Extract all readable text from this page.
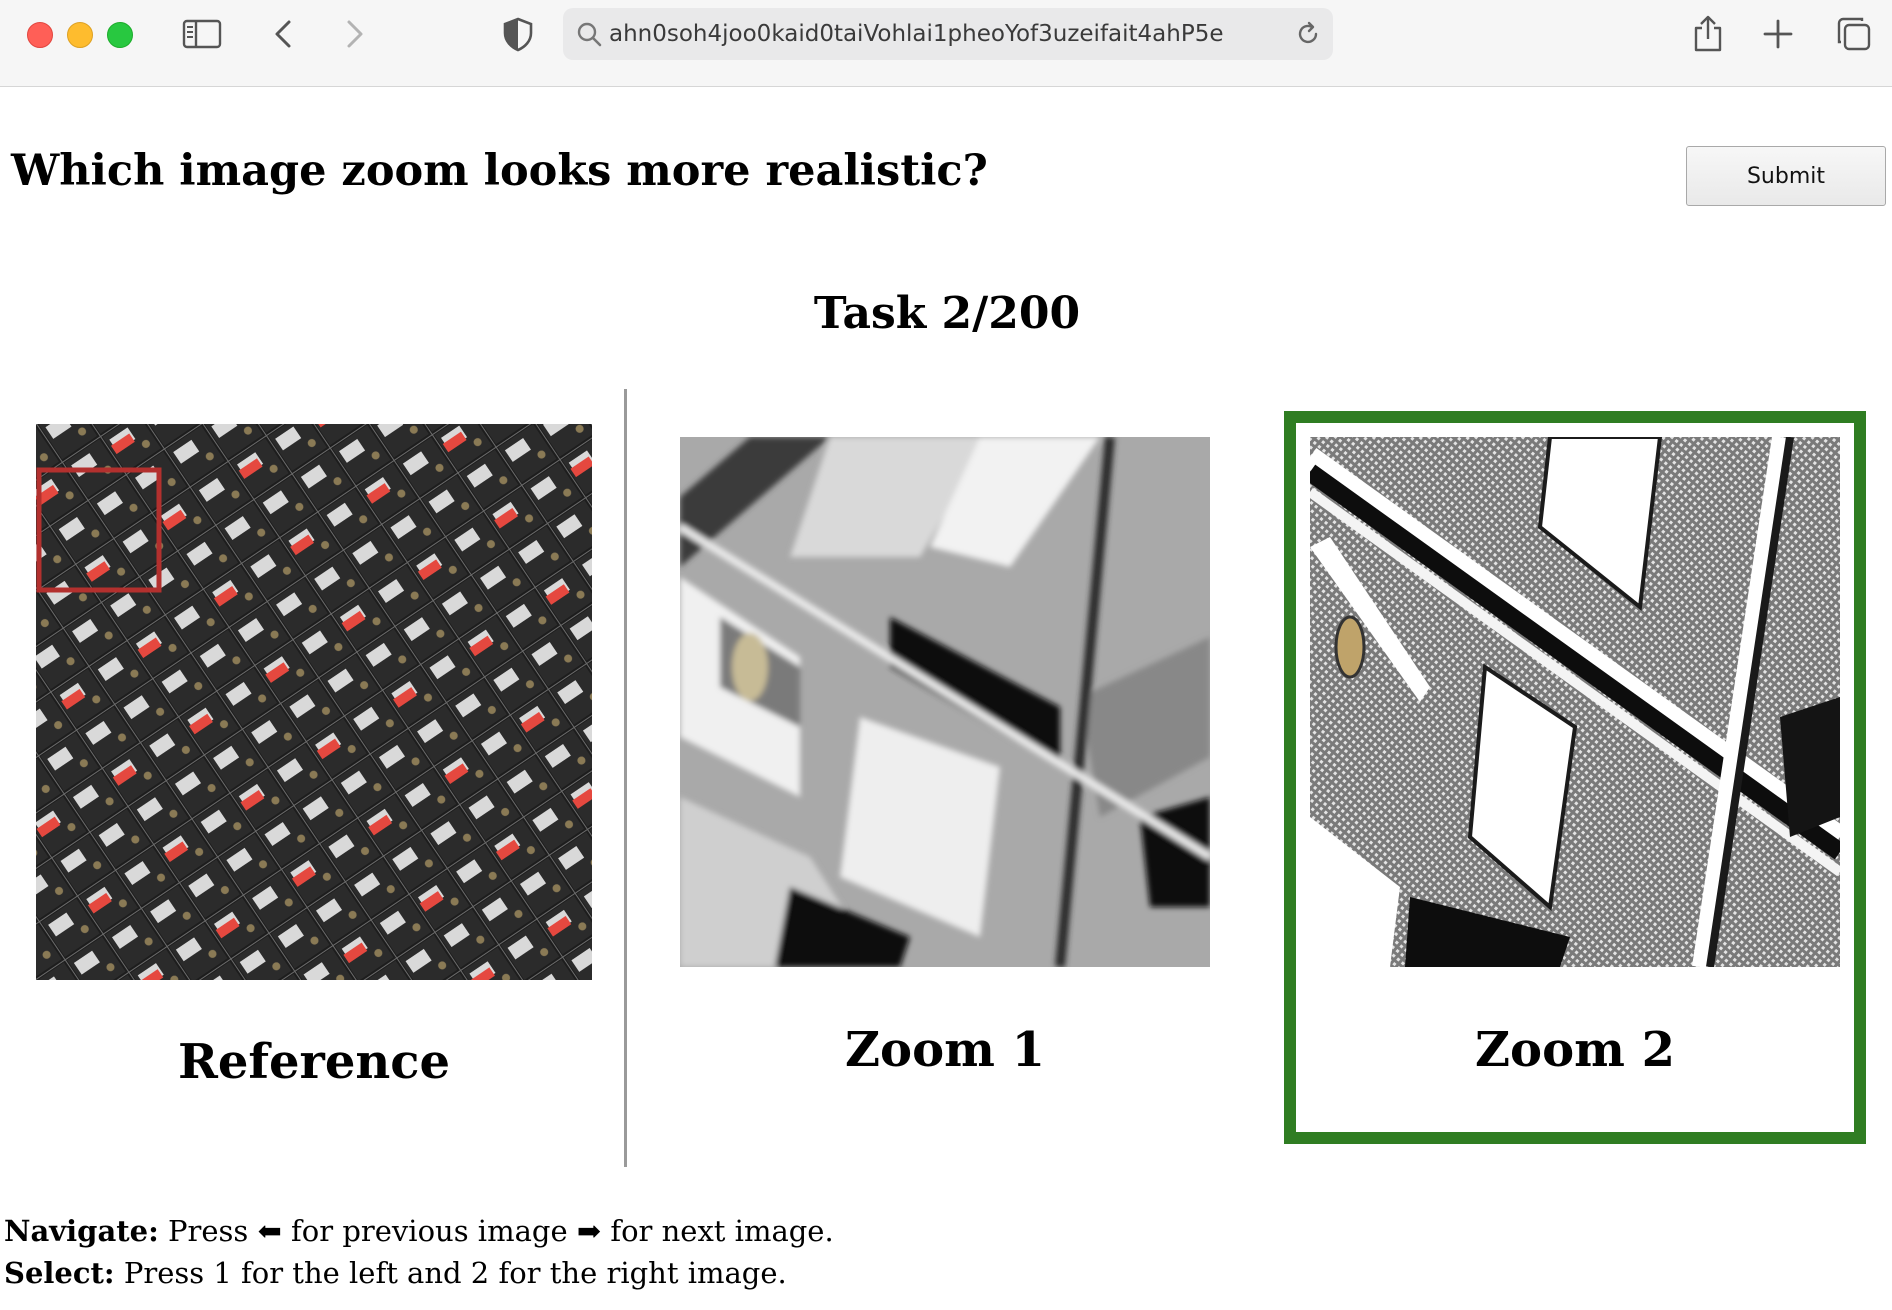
ahn0soh4joo0kaid0taiVohlai1pheoYof3uzeifait4ahP5e
Which image zoom looks more realistic?	Submit
Task 2/200
Reference	Zoom 1	Zoom 2
Navigate: Press ⬅ for previous image ➡ for next image.
Select: Press 1 for the left and 2 for the right image.
